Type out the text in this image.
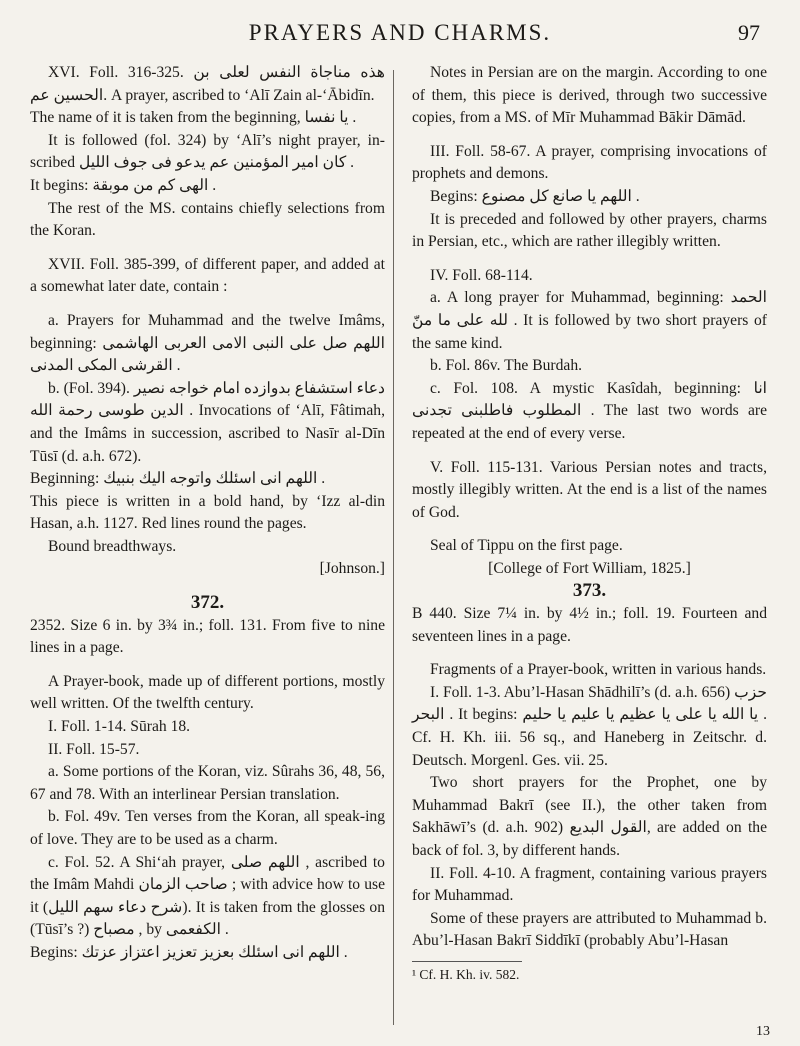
PRAYERS AND CHARMS.	97

XVI. Foll. 316-325. هذه مناجاة النفس لعلى بن الحسين عم. A prayer, ascribed to ‘Alī Zain al-‘Ābidīn.

The name of it is taken from the beginning, يا نفسا .

It is followed (fol. 324) by ‘Alī’s night prayer, in-scribed كان امير المؤمنين عم يدعو فى جوف الليل .

It begins: الهى كم من موبقة .

The rest of the MS. contains chiefly selections from the Koran.

XVII. Foll. 385-399, of different paper, and added at a somewhat later date, contain :

a. Prayers for Muhammad and the twelve Imâms, beginning: اللهم صل على النبى الامى العربى الهاشمى القرشى المكى المدنى .

b. (Fol. 394). دعاء استشفاع بدوازده امام خواجه نصير الدين طوسى رحمة الله . Invocations of ‘Alī, Fâtimah, and the Imâms in succession, ascribed to Nasīr al-Dīn Tūsī (d. a.h. 672).

Beginning: اللهم انى اسئلك واتوجه اليك بنبيك .

This piece is written in a bold hand, by ‘Izz al-din Hasan, a.h. 1127. Red lines round the pages.

Bound breadthways.

[Johnson.]

372.

2352. Size 6 in. by 3¾ in.; foll. 131. From five to nine lines in a page.

A Prayer-book, made up of different portions, mostly well written. Of the twelfth century.

I. Foll. 1-14. Sūrah 18.

II. Foll. 15-57.

a. Some portions of the Koran, viz. Sûrahs 36, 48, 56, 67 and 78. With an interlinear Persian translation.

b. Fol. 49v. Ten verses from the Koran, all speak-ing of love. They are to be used as a charm.

c. Fol. 52. A Shi‘ah prayer, اللهم صلى , ascribed to the Imâm Mahdi صاحب الزمان ; with advice how to use it (شرح دعاء سهم الليل). It is taken from the glosses on (Tūsī’s ?) مصباح , by الكفعمى .

Begins: اللهم انى اسئلك بعزيز تعزيز اعتزاز عزتك .

Notes in Persian are on the margin. According to one of them, this piece is derived, through two successive copies, from a MS. of Mīr Muhammad Bākir Dāmād.

III. Foll. 58-67. A prayer, comprising invocations of prophets and demons.

Begins: اللهم يا صانع كل مصنوع .

It is preceded and followed by other prayers, charms in Persian, etc., which are rather illegibly written.

IV. Foll. 68-114.

a. A long prayer for Muhammad, beginning: الحمد لله على ما منّ . It is followed by two short prayers of the same kind.

b. Fol. 86v. The Burdah.

c. Fol. 108. A mystic Kasîdah, beginning: انا المطلوب فاطلبنى تجدنى . The last two words are repeated at the end of every verse.

V. Foll. 115-131. Various Persian notes and tracts, mostly illegibly written. At the end is a list of the names of God.

Seal of Tippu on the first page.

[College of Fort William, 1825.]

373.

B 440. Size 7¼ in. by 4½ in.; foll. 19. Fourteen and seventeen lines in a page.

Fragments of a Prayer-book, written in various hands.

I. Foll. 1-3. Abu’l-Hasan Shādhilī’s (d. a.h. 656) حزب البحر . It begins: يا الله يا على يا عظيم يا عليم يا حليم . Cf. H. Kh. iii. 56 sq., and Haneberg in Zeitschr. d. Deutsch. Morgenl. Ges. vii. 25.

Two short prayers for the Prophet, one by Muhammad Bakrī (see II.), the other taken from Sakhāwī’s (d. a.h. 902) القول البديع, are added on the back of fol. 3, by different hands.

II. Foll. 4-10. A fragment, containing various prayers for Muhammad.

Some of these prayers are attributed to Muhammad b. Abu’l-Hasan Bakrī Siddīkī (probably Abu’l-Hasan

¹ Cf. H. Kh. iv. 582.

13
